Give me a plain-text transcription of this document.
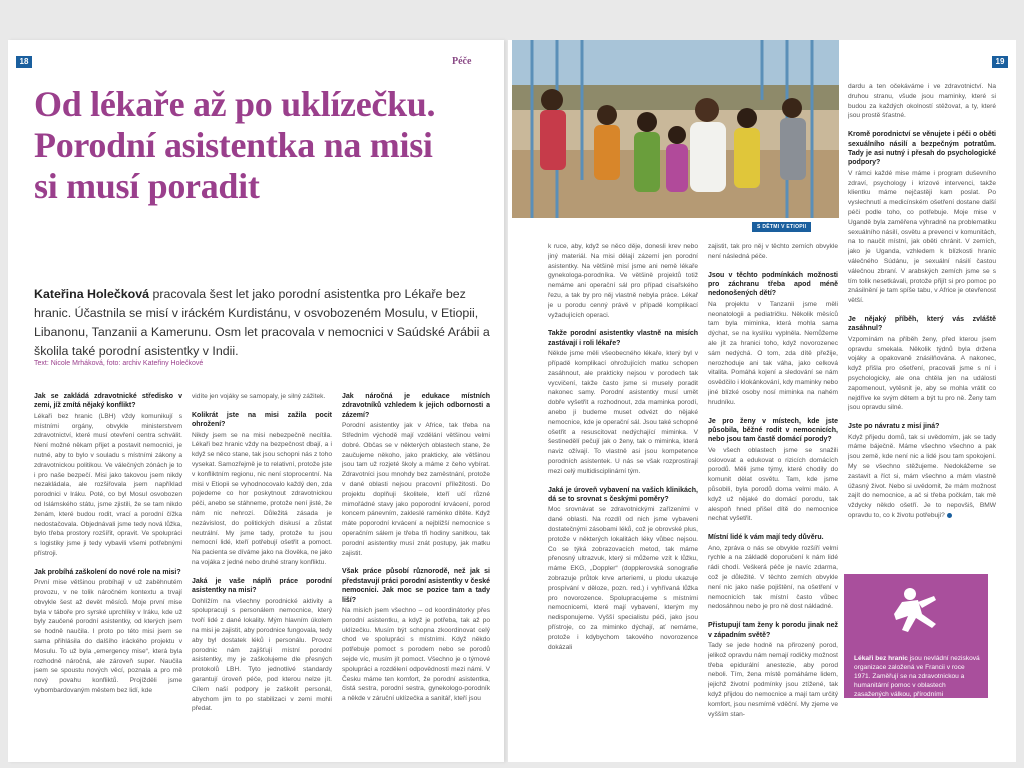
18	Péče
Od lékaře až po uklízečku.
Porodní asistentka na misi
si musí poradit

Kateřina Holečková pracovala šest let jako porodní asistentka pro Lékaře bez hranic. Účastnila se misí v iráckém Kurdistánu, v osvobozeném Mosulu, v Etiopii, Libanonu, Tanzanii a Kamerunu. Osm let pracovala v nemocnici v Saúdské Arábii a školila také porodní asistentky v Indii.

Text: Nicole Mrháková, foto: archiv Kateřiny Holečkové
Jak se zakládá zdravotnické středisko v zemi, jíž zmítá nějaký konflikt?

Lékaři bez hranic (LBH) vždy komunikují s místními orgány, obvykle ministerstvem zdravotnictví, které musí otevření centra schválit. Není možné někam přijet a postavit nemocnici, je nutné, aby to bylo v souladu s místními zákony a zdravotnickou politikou. Ve válečných zónách je to i pro naše bezpečí. Misi jako takovou jsem nikdy nezakládala, ale rozšiřovala jsem například porodnici v Iráku. Poté, co byl Mosul osvobozen od Islámského státu, jsme zjistili, že se tam nikdo ženám, které budou rodit, vrací a porodní čížka nedostačovala. Objednávali jsme tedy nová lůžka, bylo třeba prostory rozšířit, opravit. Ve spolupráci s logistiky jsme ji tedy vybavili všemi potřebnými přístroji.

Jak probíhá zaškolení do nové role na misi?

První mise většinou probíhají v už zaběhnutém provozu, v ne tolik náročném kontextu a trvají obvykle šest až devět měsíců. Moje první mise byla v táboře pro syrské uprchlíky v Iráku, kde už byly zaučené porodní asistentky, od kterých jsem se hodně naučila. I proto po této misi jsem se sama přihlásila do dalšího iráckého projektu v Mosulu. To už byla „emergency mise“, která byla rozhodně náročná, ale zároveň super. Naučila jsem se spoustu nových věcí, poznala a pro mě nový povahu konfliktů. Projížděli jsme vybombardovaným městem bez lidí, kde

vidíte jen vojáky se samopaly, je silný zážitek.

Kolikrát jste na misi zažila pocit ohrožení?

Nikdy jsem se na misi nebezpečně necítila. Lékaři bez hranic vždy na bezpečnost dbají, a i když se něco stane, tak jsou schopni nás z toho vysekat. Samozřejmě je to relativní, protože jste v konfliktním regionu, nic není stoprocentní. Na misi v Etiopii se vyhodnocovalo každý den, zda pojedeme co hor poskytnout zdravotnickou péči, anebo se stáhneme, protože není jisté, že nám nic nehrozí. Důležitá zásada je nezávislost, do politických diskusí a zůstat neutrální. My jsme tady, protože tu jsou nemocní lidé, kteří potřebují ošetřit a pomoct. Na pacienta se díváme jako na člověka, ne jako na vojáka z jedné nebo druhé strany konfliktu.

Jaká je vaše náplň práce porodní asistentky na misi?

Dohlížím na všechny porodnické aktivity a spolupracuji s personálem nemocnice, který tvoří lidé z dané lokality. Mým hlavním úkolem na misi je zajistit, aby porodnice fungovala, tedy aby byl dostatek léků i personálu. Provoz porodnic nám zajišťují místní porodní asistentky, my je zaškolujeme dle přesných protokolů LBH. Tyto jednotlivé standardy garantují úroveň péče, pod kterou nelze jít. Cílem naší podpory je zaškolit personál, abychom jim to po stabilizaci v zemi mohli předat.

Jak náročná je edukace místních zdravotníků vzhledem k jejich odbornosti a zázemí?

Porodní asistentky jak v Africe, tak třeba na Středním východě mají vzdělání většinou velmi dobré. Občas se v některých oblastech stane, že zaučujeme někoho, jako prakticky, ale většinou jsou tam už rozjeté školy a máme z čeho vybírat. Zdravotníci jsou mnohdy bez zaměstnání, protože v dané oblasti nejsou pracovní příležitosti. Do projektu doplňuji školitele, kteří učí různé mimořádné stavy jako poporodní krvácení, porod koncem pánevním, zakleslé raménko dítěte. Když máte poporodní krvácení a nejbližší nemocnice s operačním sálem je třeba tři hodiny sanitkou, tak porodní asistentky musí znát postupy, jak matku zajistit.

Však práce působí různorodě, než jak si představují práci porodní asistentky v české nemocnici. Jak moc se pozice tam a tady liší?

Na misích jsem všechno – od koordinátorky přes porodní asistentku, a když je potřeba, tak až po uklízečku. Musím být schopna zkoordinovat celý chod ve spolupráci s místními. Když někdo potřebuje pomoct s porodem nebo se porodů sejde víc, musím jít pomoct. Všechno je o týmové spolupráci a rozdělení odpovědností mezi námi. V Česku máme ten komfort, že porodní asistentka, čistá sestra, porodní sestra, gynekologo-porodník a někde v záruční uklízečka a sanitář, kteří jsou

19

k ruce, aby, když se něco děje, donesli krev nebo jiný materiál. Na misi dělají zázemí jen porodní asistentky. Na většině misí jsme ani nemě lékaře gynekologa-porodníka. Ve většině projektů totiž nemáme ani operační sál pro případ císařského řezu, a tak by pro něj vlastně nebyla práce. Lékař je u porodu cenný právě v případě komplikací vyžadujících operaci.

Takže porodní asistentky vlastně na misích zastávají i roli lékaře?

Někde jsme měli všeobecného lékaře, který byl v případě komplikací ohrožujících matku schopen zasáhnout, ale prakticky nejsou v porodech tak vycvičení, takže často jsme si musely poradit nakonec samy. Porodní asistentky musí umět dobře vyšetřit a rozhodnout, zda maminka porodí, anebo ji budeme muset odvézt do nějaké nemocnice, kde je operační sál. Jsou také schopné ošetřit a resuscitovat nedýchající miminka. V šestinedělí pečují jak o ženy, tak o miminka, která naviz ožívají. To vlastně asi jsou kompetence porodních asistentek. U nás se však rozprostírají mezi celý multidisciplinární tým.

Jaká je úroveň vybavení na vašich klinikách, dá se to srovnat s českými poměry?

Moc srovnávat se zdravotnickými zařízeními v dané oblasti. Na rozdíl od nich jsme vybaveni dostatečnými zásobami léků, což je obrovské plus, protože v některých lokalitách léky vůbec nejsou. Co se týká zobrazovacích metod, tak máme přenosný ultrazvuk, který si můžeme vzít k lůžku, máme EKG, „Doppler“ (dopplerovská sonografie zobrazuje průtok krve arteriemi, u plodu ukazuje prospívání v děloze, pozn. red.) i vyhřívaná lůžka pro novorozence. Spolupracujeme s místními nemocnicemi, které mají vybavení, kterým my nedisponujeme. Vyšší specialistu péči, jako jsou přístroje, co za miminko dýchají, ať nemáme, protože i kdybychom takového novorozence dokázali

zajistit, tak pro něj v těchto zemích obvykle není následná péče.

Jsou v těchto podmínkách možnosti pro záchranu třeba apod méně nedonošených dětí?

Na projektu v Tanzanii jsme měli neonatologii a pediatričku. Několik měsíců tam byla miminka, která mohla sama dýchat, se na kyslíku vyplněla. Nemůžeme ale jít za hranici toho, když novorozenec sám nedýchá. O tom, zda dítě přežije, nerozhoduje ani tak váha, jako celková vitalita. Pomáhá kojení a sledování se nám osvědčilo i klokánkování, kdy maminky nebo jiné blízké osoby nosí miminka na nahém hrudníku.

Je pro ženy v místech, kde jste působila, běžné rodit v nemocnicích, nebo jsou tam častě domácí porody?

Ve všech oblastech jsme se snažili oslovovat a edukovat o rizicích domácích porodů. Měli jsme týmy, které chodily do komunit dělat osvětu. Tam, kde jsme působili, byla porodů doma velmi málo. A když už nějaké do domácí porodu, tak alespoň hned přišel dítě do nemocnice nechat vyšetřit.

Místní lidé k vám mají tedy důvěru.

Ano, zpráva o nás se obvykle rozšíří velmi rychle a na základě doporučení k nám lidé rádi chodí. Veškerá péče je navíc zdarma, což je důležité. V těchto zemích obvykle není nic jako naše pojištění, na ošetření v nemocnicích tak místní často vůbec nedosáhnou nebo je pro ně dost nákladné.

Přistupují tam ženy k porodu jinak než v západním světě?

Tady se jede hodně na přirozený porod, jelikož opravdu nám nemají rodičky možnost třeba epidurální anestezie, aby porod neboli. Tím, žena místě pomáháme lidem, jejichž životní podmínky jsou ztížené, tak když přijdou do nemocnice a mají tam určitý komfort, jsou nesmírně vděční. My zjeme ve vyšším stan-

dardu a ten očekáváme i ve zdravotnictví. Na druhou stranu, všude jsou maminky, které si budou za každých okolností stěžovat, a ty, které jsou prostě šťastné.

Kromě porodnictví se věnujete i péči o oběti sexuálního násilí a bezpečným potratům. Tady je asi nutný i přesah do psychologické podpory?

V rámci každé mise máme i program duševního zdraví, psychology i krizové intervenci, takže klientku máme nejčastěji kam poslat. Po vyslechnutí a medicínském ošetření dostane další péči podle toho, co potřebuje. Moje mise v Ugandě byla zaměřena výhradně na problematiku sexuálního násilí, osvětu a prevenci v komunitách, na to naučit místní, jak oběti chránit. V zemích, jako je Uganda, vzhledem k blízkosti hranic válečného Súdánu, je sexuální násilí častou válečnou zbraní. V arabských zemích jsme se s tím tolik nesetkávali, protože přijít si pro pomoc po znásilnění je tam spíše tabu, v Africe je otevřenost větší.

Je nějaký příběh, který vás zvláště zasáhnul?

Vzpomínám na příběh ženy, před kterou jsem opravdu smekala. Několik týdnů byla držena vojáky a opakovaně znásilňována. A nakonec, když přišla pro ošetření, pracovali jsme s ní i psychologicky, ale ona chtěla jen na události zapomenout, vytěsnit je, aby se mohla vrátit co nejdříve ke svým dětem a být tu pro ně. Ženy tam jsou opravdu silné.

Jste po návratu z misí jiná?

Když přijedu domů, tak si uvědomím, jak se tady máme báječně. Máme všechno všechno a pak jsou země, kde není nic a lidé jsou tam spokojení. My se všechno stěžujeme. Nedokážeme se zastavit a říct si, mám všechno a mám vlastně úžasný život. Nebo si uvědomit, že mám možnost zajít do nemocnice, a ač si třeba počkám, tak mě vždycky někdo ošetří. Je to nepovšiš, BMW opravdu to, co k životu potřebuji?

Lékaři bez hranic jsou nevládní nezisková organizace založená ve Francii v roce 1971. Zaměřují se na zdravotnickou a humanitární pomoc v oblastech zasažených válkou, přírodními katastrofami nebo epidemiemi.
S DĚTMI V ETIOPII
